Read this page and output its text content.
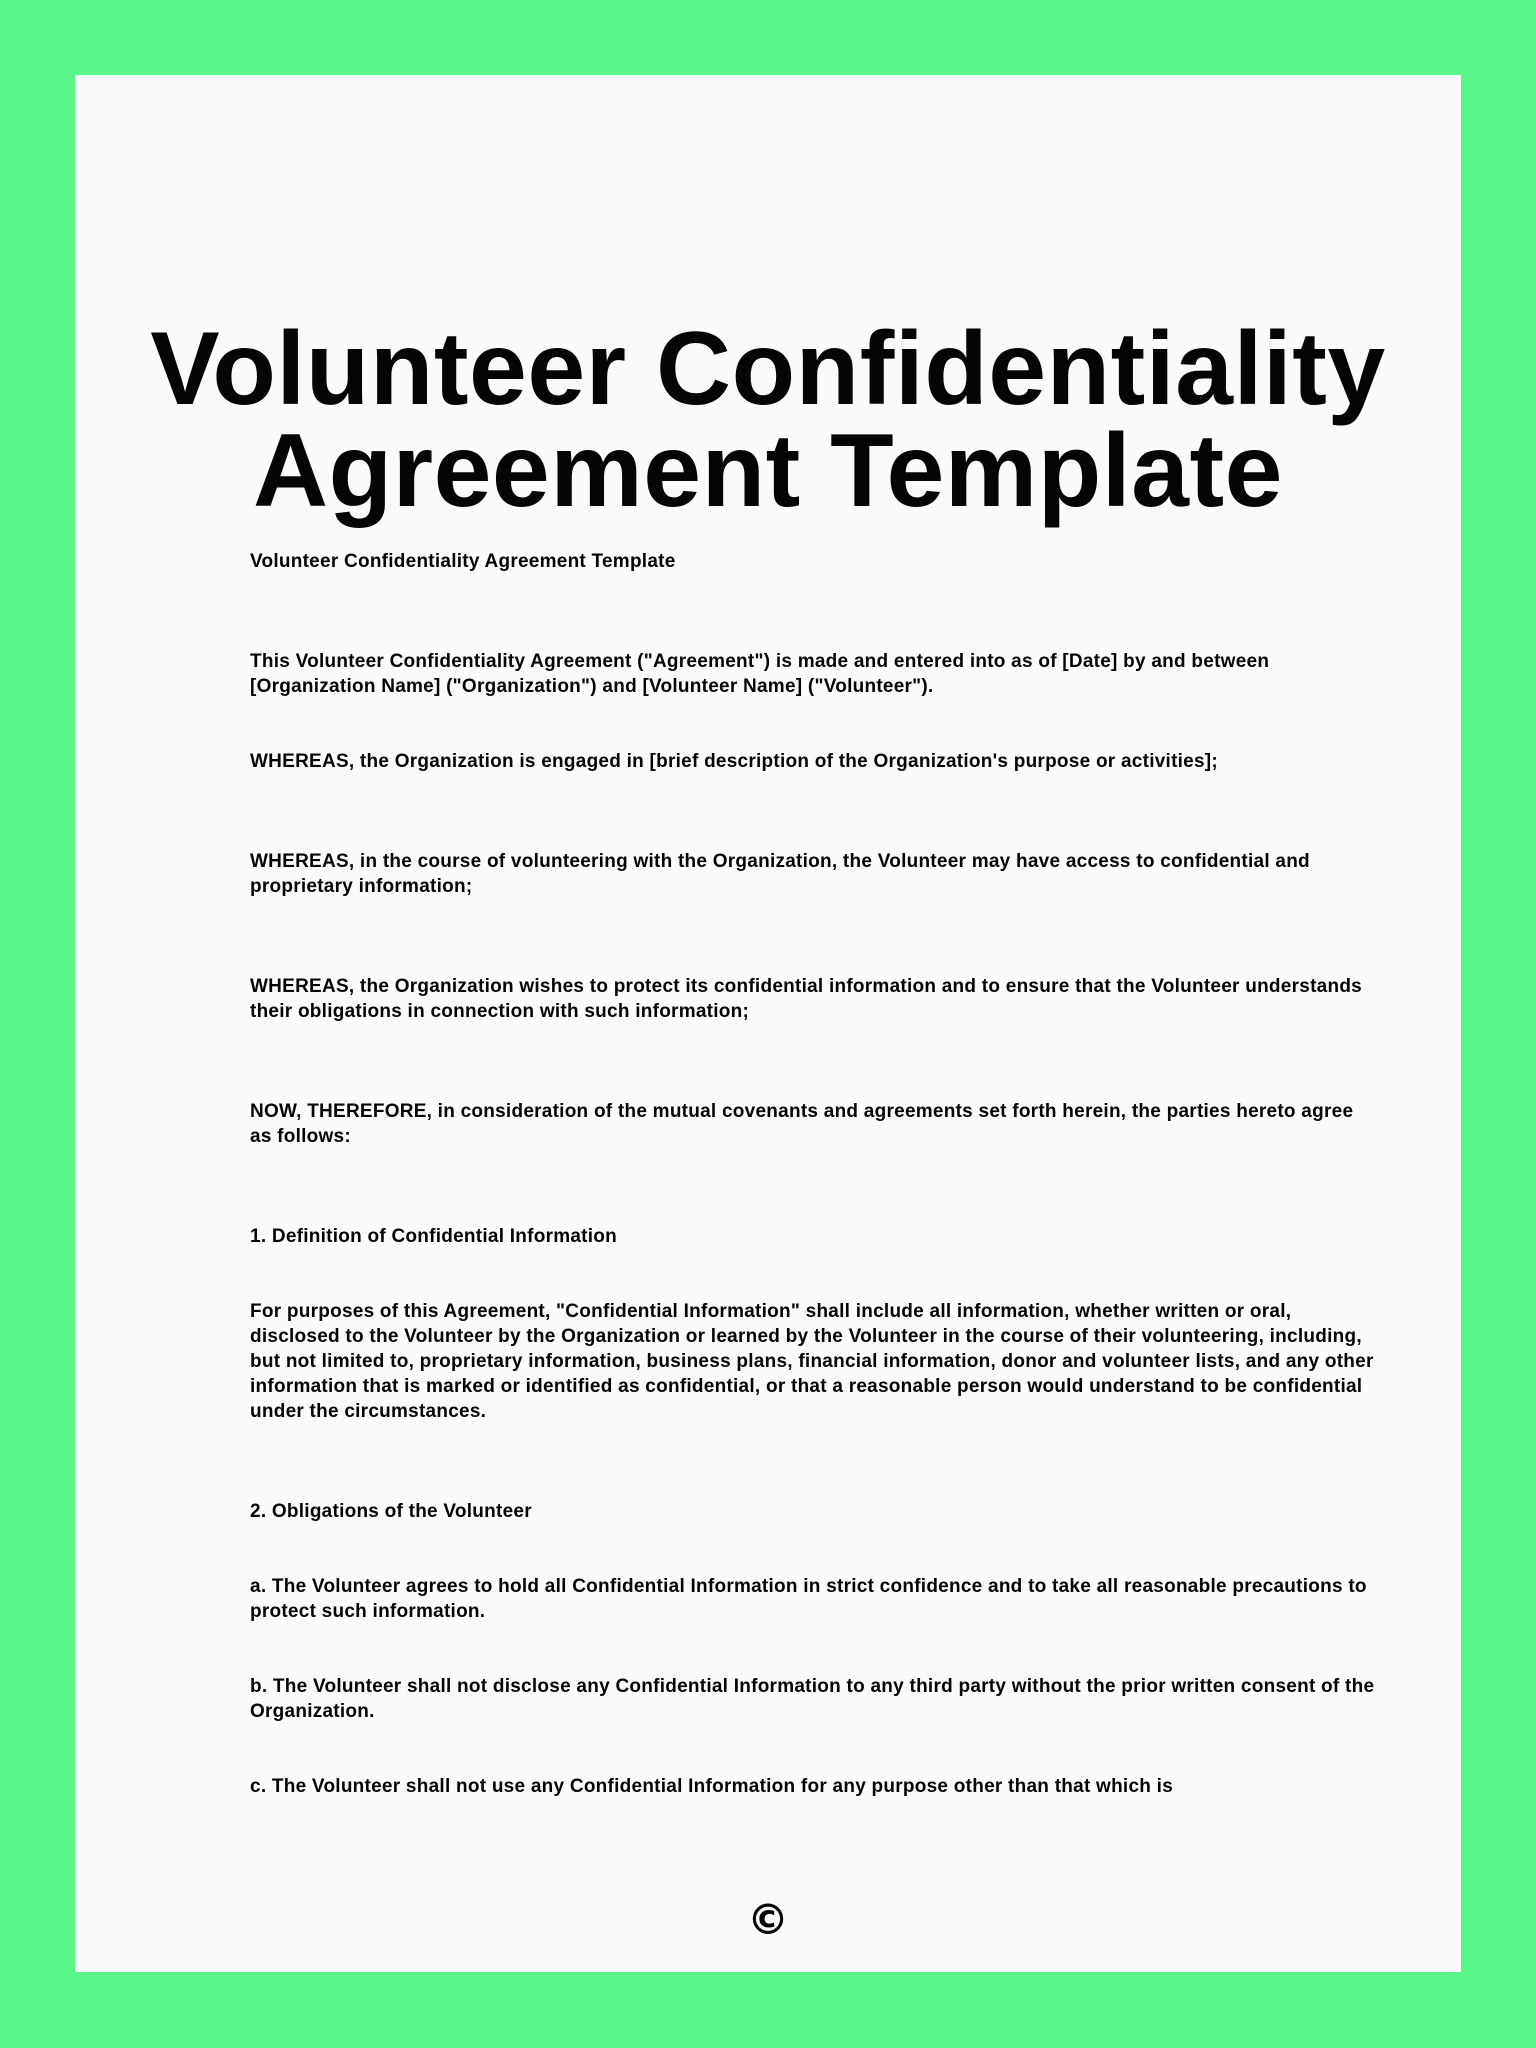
Volunteer Confidentiality
Agreement Template

Volunteer Confidentiality Agreement Template

This Volunteer Confidentiality Agreement ("Agreement") is made and entered into as of [Date] by and between [Organization Name] ("Organization") and [Volunteer Name] ("Volunteer").

WHEREAS, the Organization is engaged in [brief description of the Organization's purpose or activities];

WHEREAS, in the course of volunteering with the Organization, the Volunteer may have access to confidential and proprietary information;

WHEREAS, the Organization wishes to protect its confidential information and to ensure that the Volunteer understands their obligations in connection with such information;

NOW, THEREFORE, in consideration of the mutual covenants and agreements set forth herein, the parties hereto agree as follows:

1. Definition of Confidential Information

For purposes of this Agreement, "Confidential Information" shall include all information, whether written or oral, disclosed to the Volunteer by the Organization or learned by the Volunteer in the course of their volunteering, including, but not limited to, proprietary information, business plans, financial information, donor and volunteer lists, and any other information that is marked or identified as confidential, or that a reasonable person would understand to be confidential under the circumstances.

2. Obligations of the Volunteer

a. The Volunteer agrees to hold all Confidential Information in strict confidence and to take all reasonable precautions to protect such information.

b. The Volunteer shall not disclose any Confidential Information to any third party without the prior written consent of the Organization.

c. The Volunteer shall not use any Confidential Information for any purpose other than that which is

©
